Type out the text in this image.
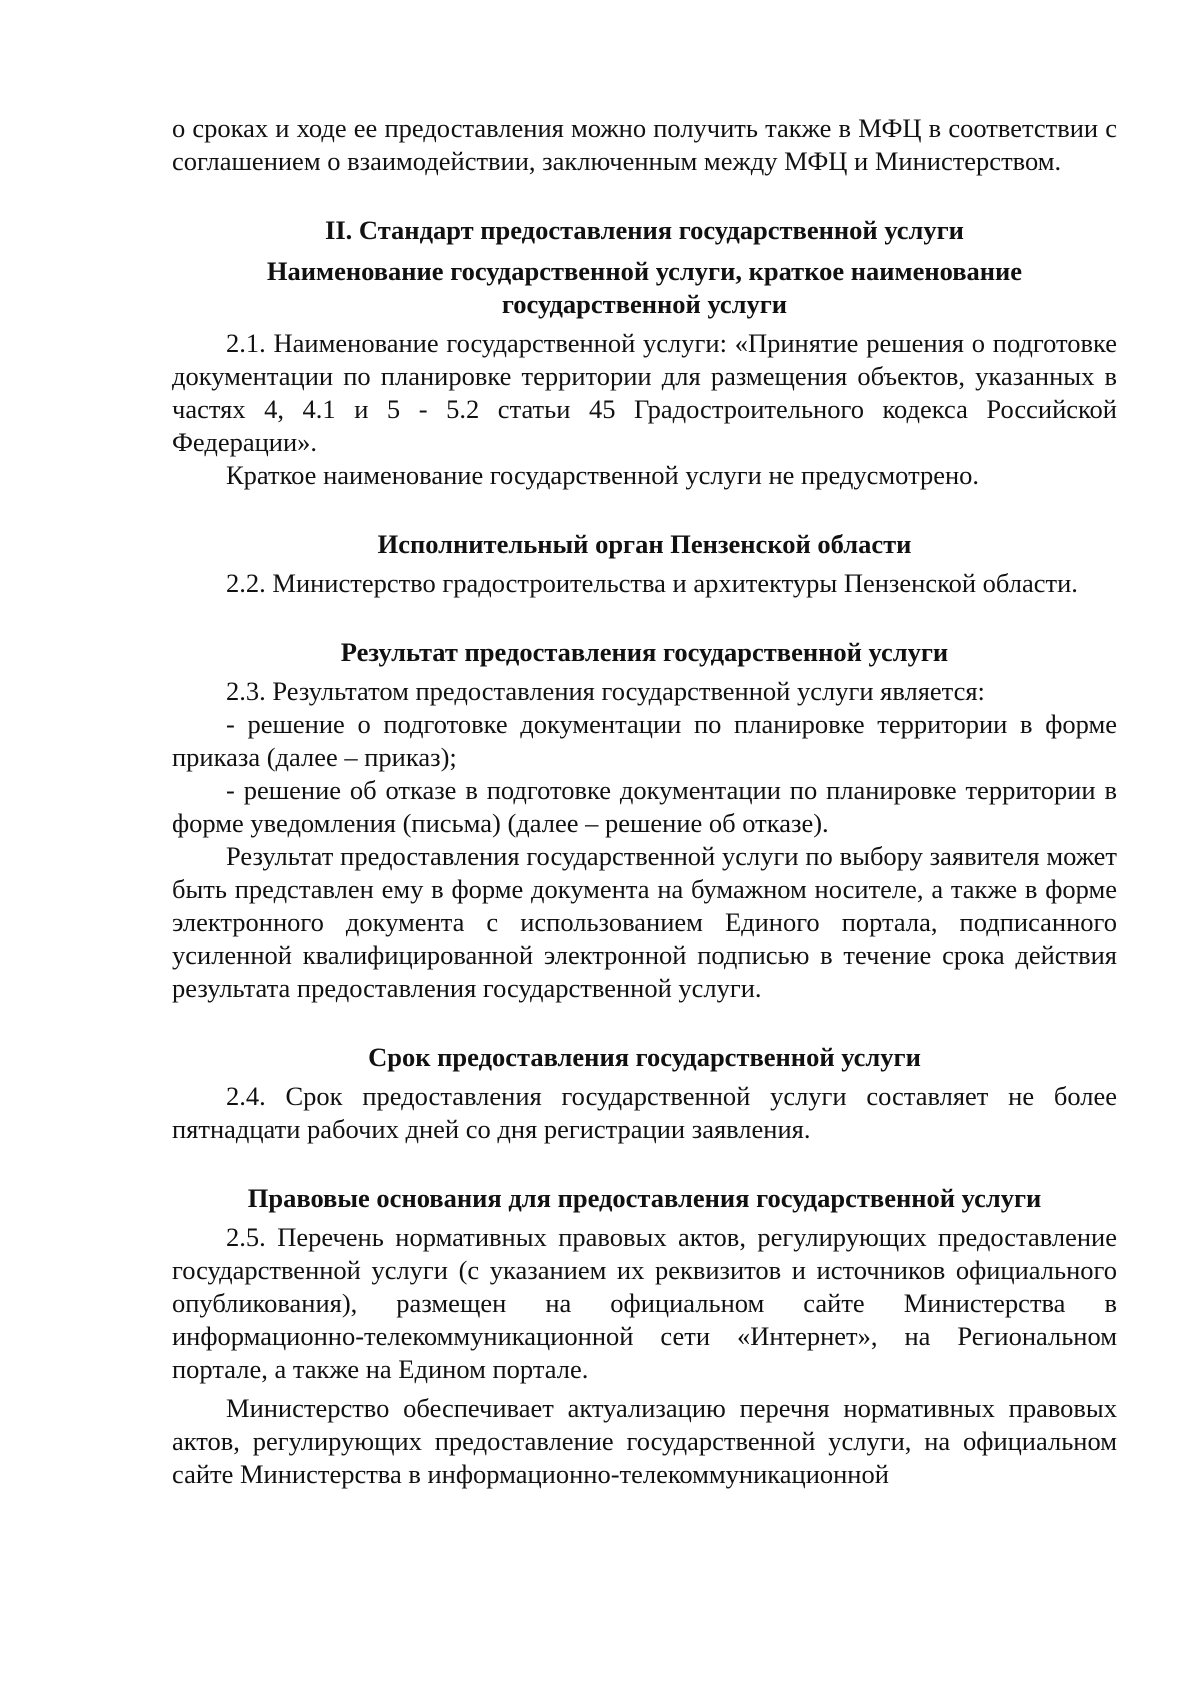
о сроках и ходе ее предоставления можно получить также в МФЦ в соответствии с соглашением о взаимодействии, заключенным между МФЦ и Министерством.

II. Стандарт предоставления государственной услуги

Наименование государственной услуги, краткое наименование

государственной услуги

2.1. Наименование государственной услуги: «Принятие решения о подготовке документации по планировке территории для размещения объектов, указанных в частях 4, 4.1 и 5 - 5.2 статьи 45 Градостроительного кодекса Российской Федерации».

Краткое наименование государственной услуги не предусмотрено.

Исполнительный орган Пензенской области

2.2. Министерство градостроительства и архитектуры Пензенской области.

Результат предоставления государственной услуги

2.3. Результатом предоставления государственной услуги является:

- решение о подготовке документации по планировке территории в форме приказа (далее – приказ);

- решение об отказе в подготовке документации по планировке территории в форме уведомления (письма) (далее – решение об отказе).

Результат предоставления государственной услуги по выбору заявителя может быть представлен ему в форме документа на бумажном носителе, а также в форме электронного документа с использованием Единого портала, подписанного усиленной квалифицированной электронной подписью в течение срока действия результата предоставления государственной услуги.

Срок предоставления государственной услуги

2.4. Срок предоставления государственной услуги составляет не более пятнадцати рабочих дней со дня регистрации заявления.

Правовые основания для предоставления государственной услуги

2.5. Перечень нормативных правовых актов, регулирующих предоставление государственной услуги (с указанием их реквизитов и источников официального опубликования), размещен на официальном сайте Министерства в информационно-телекоммуникационной сети «Интернет», на Региональном портале, а также на Едином портале.

Министерство обеспечивает актуализацию перечня нормативных правовых актов, регулирующих предоставление государственной услуги, на официальном сайте Министерства в информационно-телекоммуникационной
